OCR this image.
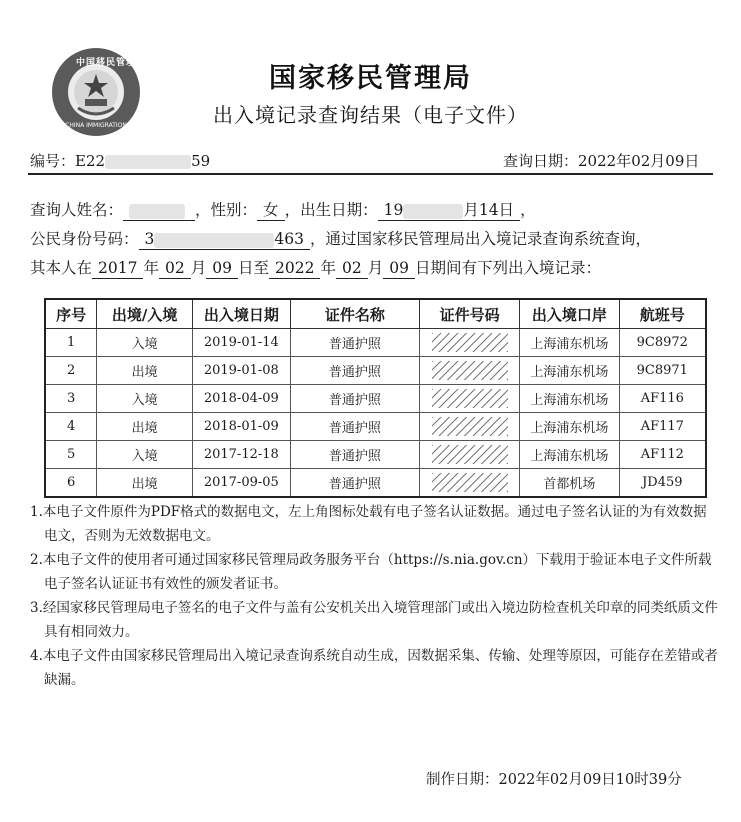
中国移民管理
CHINA IMMIGRATION
国家移民管理局
出入境记录查询结果（电子文件）
编号：E22	59	查询日期：2022年02月09日
查询人姓名：	，性别： 女 ，出生日期： 19	月14日 ，
公民身份号码： 3	463 ，通过国家移民管理局出入境记录查询系统查询，
其本人在 2017 年 02 月 09 日至 2022 年 02 月 09 日期间有下列出入境记录：
序号	出境/入境	出入境日期	证件名称	证件号码	出入境口岸	航班号
1	入境	2019-01-14	普通护照		上海浦东机场	9C8972
2	出境	2019-01-08	普通护照		上海浦东机场	9C8971
3	入境	2018-04-09	普通护照		上海浦东机场	AF116
4	出境	2018-01-09	普通护照		上海浦东机场	AF117
5	入境	2017-12-18	普通护照		上海浦东机场	AF112
6	出境	2017-09-05	普通护照		首都机场	JD459
1.本电子文件原件为PDF格式的数据电文，左上角图标处载有电子签名认证数据。通过电子签名认证的为有效数据电文，否则为无效数据电文。
2.本电子文件的使用者可通过国家移民管理局政务服务平台（https://s.nia.gov.cn）下载用于验证本电子文件所载电子签名认证证书有效性的颁发者证书。
3.经国家移民管理局电子签名的电子文件与盖有公安机关出入境管理部门或出入境边防检查机关印章的同类纸质文件具有相同效力。
4.本电子文件由国家移民管理局出入境记录查询系统自动生成，因数据采集、传输、处理等原因，可能存在差错或者缺漏。
制作日期：2022年02月09日10时39分
